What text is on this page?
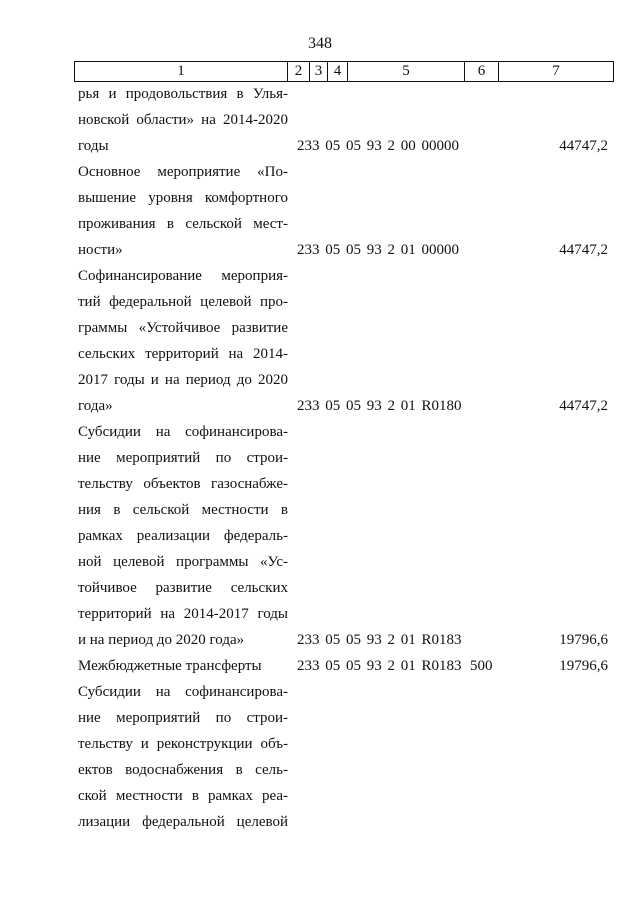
348
1	2 3 4	5	6	7
рья и продовольствия в Улья-
новской области» на 2014-2020
годы	233 05 05 93 2 00 00000	44747,2
Основное мероприятие «По-
вышение уровня комфортного
проживания в сельской мест-
ности»	233 05 05 93 2 01 00000	44747,2
Софинансирование мероприя-
тий федеральной целевой про-
граммы «Устойчивое развитие
сельских территорий на 2014-
2017 годы и на период до 2020
года»	233 05 05 93 2 01 R0180	44747,2
Субсидии на софинансирова-
ние мероприятий по строи-
тельству объектов газоснабже-
ния в сельской местности в
рамках реализации федераль-
ной целевой программы «Ус-
тойчивое развитие сельских
территорий на 2014-2017 годы
и на период до 2020 года»	233 05 05 93 2 01 R0183	19796,6
Межбюджетные трансферты	233 05 05 93 2 01 R0183 500	19796,6
Субсидии на софинансирова-
ние мероприятий по строи-
тельству и реконструкции объ-
ектов водоснабжения в сель-
ской местности в рамках реа-
лизации федеральной целевой
